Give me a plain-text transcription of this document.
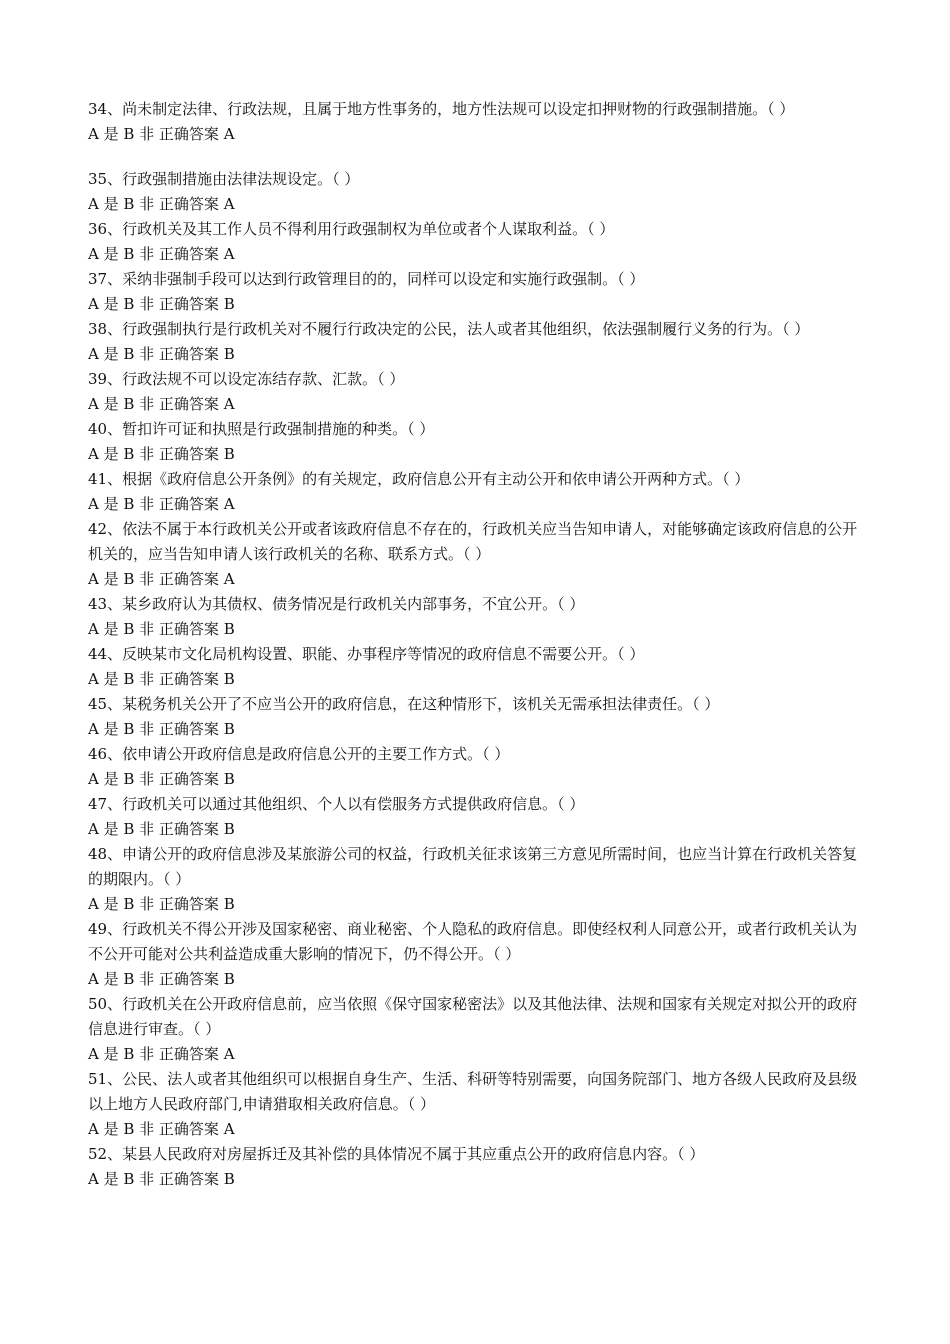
34、尚未制定法律、行政法规，且属于地方性事务的，地方性法规可以设定扣押财物的行政强制措施。（ ）

A 是 B 非 正确答案 A

35、行政强制措施由法律法规设定。（ ）

A 是 B 非 正确答案 A

36、行政机关及其工作人员不得利用行政强制权为单位或者个人谋取利益。（ ）

A 是 B 非 正确答案 A

37、采纳非强制手段可以达到行政管理目的的，同样可以设定和实施行政强制。（ ）

A 是 B 非 正确答案 B

38、行政强制执行是行政机关对不履行行政决定的公民，法人或者其他组织，依法强制履行义务的行为。（ ）

A 是 B 非 正确答案 B

39、行政法规不可以设定冻结存款、汇款。（ ）

A 是 B 非 正确答案 A

40、暂扣许可证和执照是行政强制措施的种类。（ ）

A 是 B 非 正确答案 B

41、根据《政府信息公开条例》的有关规定，政府信息公开有主动公开和依申请公开两种方式。（ ）

A 是 B 非 正确答案 A

42、依法不属于本行政机关公开或者该政府信息不存在的，行政机关应当告知申请人，对能够确定该政府信息的公开机关的，应当告知申请人该行政机关的名称、联系方式。（ ）

A 是 B 非 正确答案 A

43、某乡政府认为其债权、债务情况是行政机关内部事务，不宜公开。（ ）

A 是 B 非 正确答案 B

44、反映某市文化局机构设置、职能、办事程序等情况的政府信息不需要公开。（ ）

A 是 B 非 正确答案 B

45、某税务机关公开了不应当公开的政府信息，在这种情形下，该机关无需承担法律责任。（ ）

A 是 B 非 正确答案 B

46、依申请公开政府信息是政府信息公开的主要工作方式。（ ）

A 是 B 非 正确答案 B

47、行政机关可以通过其他组织、个人以有偿服务方式提供政府信息。（ ）

A 是 B 非 正确答案 B

48、申请公开的政府信息涉及某旅游公司的权益，行政机关征求该第三方意见所需时间，也应当计算在行政机关答复的期限内。（ ）

A 是 B 非 正确答案 B

49、行政机关不得公开涉及国家秘密、商业秘密、个人隐私的政府信息。即使经权利人同意公开，或者行政机关认为不公开可能对公共利益造成重大影响的情况下，仍不得公开。（ ）

A 是 B 非 正确答案 B

50、行政机关在公开政府信息前，应当依照《保守国家秘密法》以及其他法律、法规和国家有关规定对拟公开的政府信息进行审查。（ ）

A 是 B 非 正确答案 A

51、公民、法人或者其他组织可以根据自身生产、生活、科研等特别需要，向国务院部门、地方各级人民政府及县级以上地方人民政府部门,申请猎取相关政府信息。（ ）

A 是 B 非 正确答案 A

52、某县人民政府对房屋拆迁及其补偿的具体情况不属于其应重点公开的政府信息内容。（ ）

A 是 B 非 正确答案 B
